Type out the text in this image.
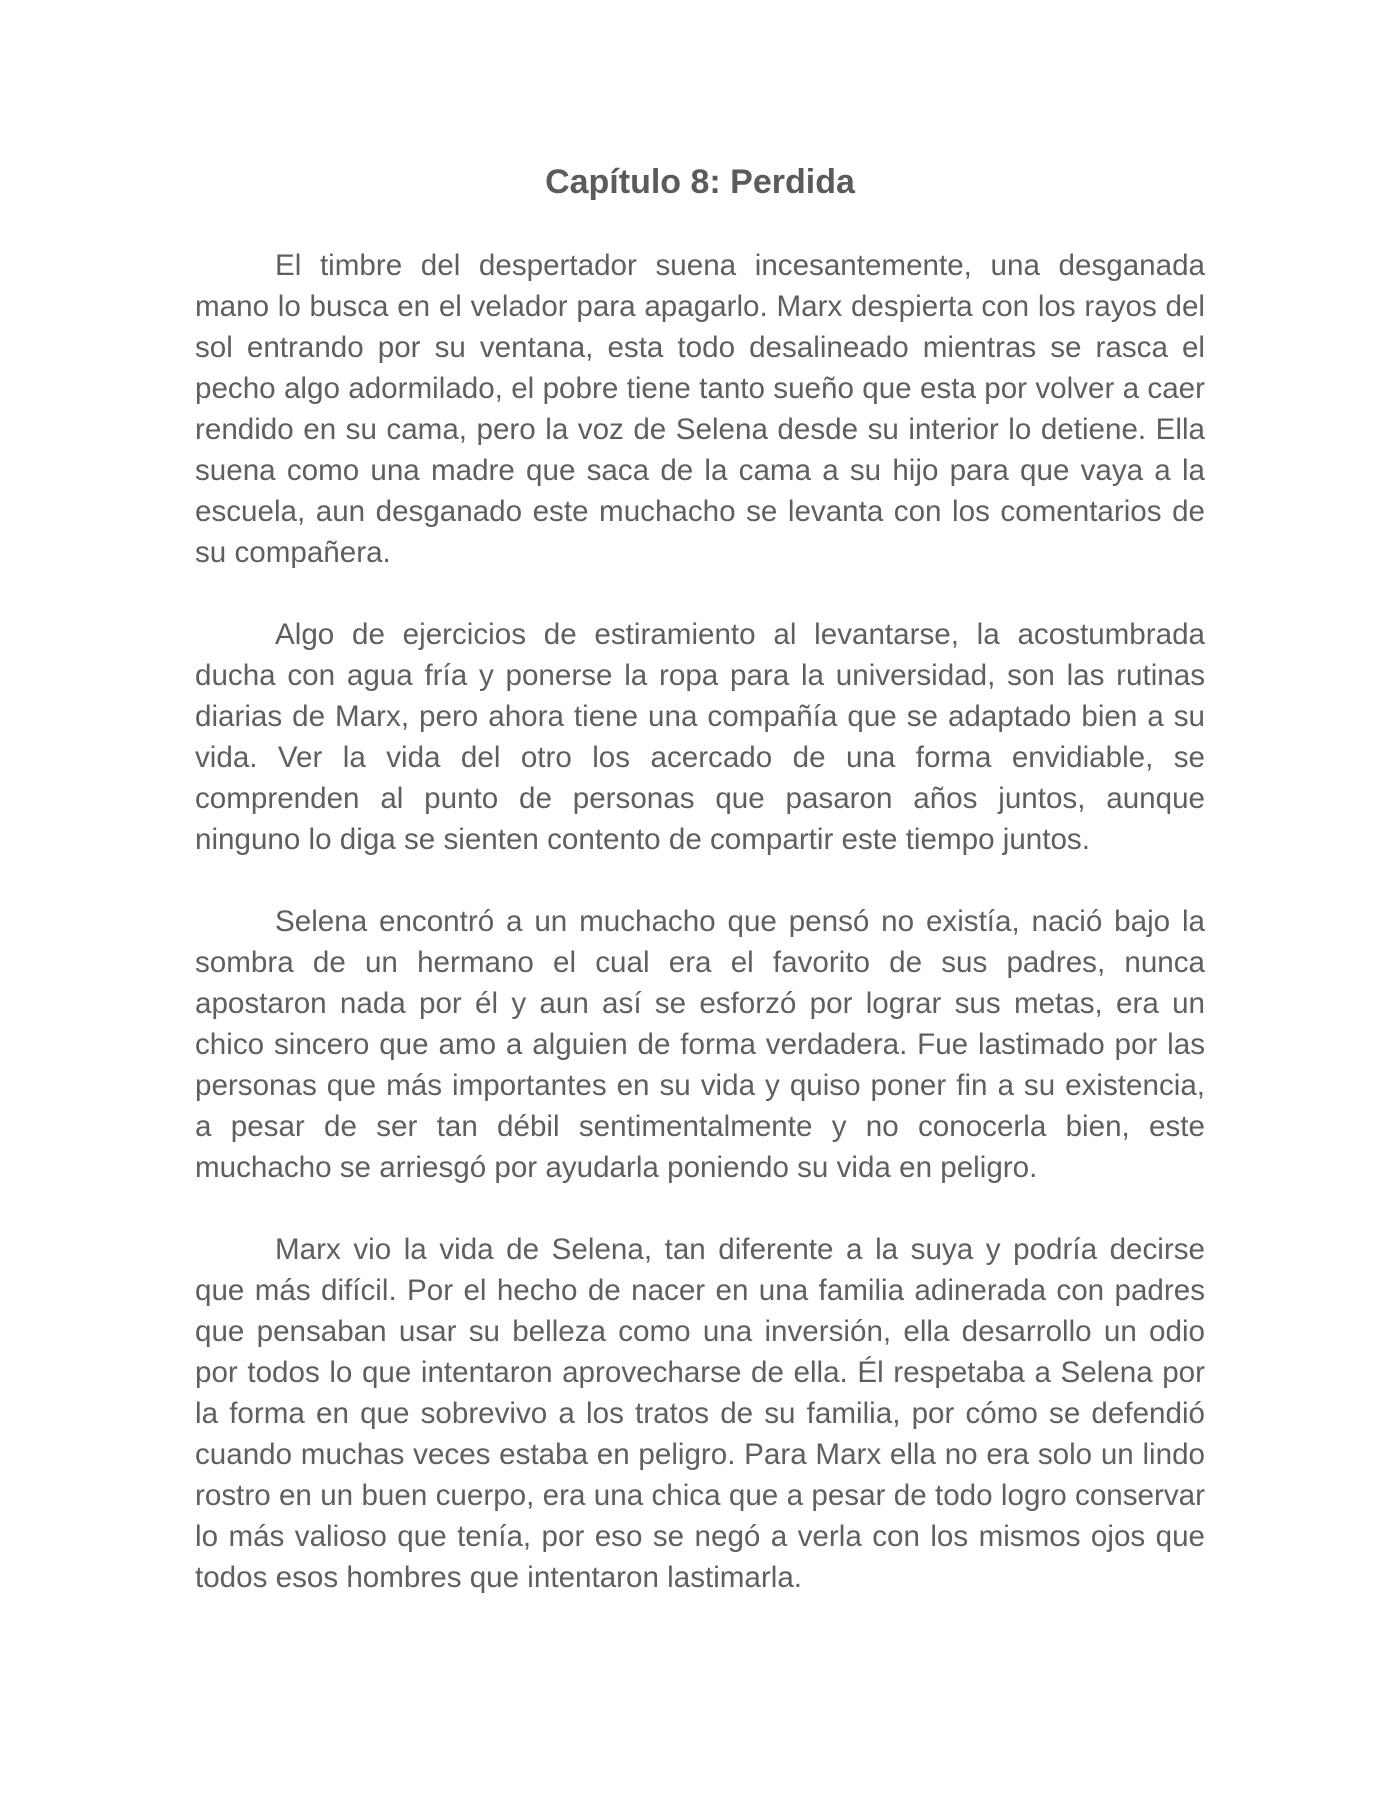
Capítulo 8: Perdida

El timbre del despertador suena incesantemente, una desganada mano lo busca en el velador para apagarlo. Marx despierta con los rayos del sol entrando por su ventana, esta todo desalineado mientras se rasca el pecho algo adormilado, el pobre tiene tanto sueño que esta por volver a caer rendido en su cama, pero la voz de Selena desde su interior lo detiene. Ella suena como una madre que saca de la cama a su hijo para que vaya a la escuela, aun desganado este muchacho se levanta con los comentarios de su compañera.

Algo de ejercicios de estiramiento al levantarse, la acostumbrada ducha con agua fría y ponerse la ropa para la universidad, son las rutinas diarias de Marx, pero ahora tiene una compañía que se adaptado bien a su vida. Ver la vida del otro los acercado de una forma envidiable, se comprenden al punto de personas que pasaron años juntos, aunque ninguno lo diga se sienten contento de compartir este tiempo juntos.

Selena encontró a un muchacho que pensó no existía, nació bajo la sombra de un hermano el cual era el favorito de sus padres, nunca apostaron nada por él y aun así se esforzó por lograr sus metas, era un chico sincero que amo a alguien de forma verdadera. Fue lastimado por las personas que más importantes en su vida y quiso poner fin a su existencia, a pesar de ser tan débil sentimentalmente y no conocerla bien, este muchacho se arriesgó por ayudarla poniendo su vida en peligro.

Marx vio la vida de Selena, tan diferente a la suya y podría decirse que más difícil. Por el hecho de nacer en una familia adinerada con padres que pensaban usar su belleza como una inversión, ella desarrollo un odio por todos lo que intentaron aprovecharse de ella. Él respetaba a Selena por la forma en que sobrevivo a los tratos de su familia, por cómo se defendió cuando muchas veces estaba en peligro. Para Marx ella no era solo un lindo rostro en un buen cuerpo, era una chica que a pesar de todo logro conservar lo más valioso que tenía, por eso se negó a verla con los mismos ojos que todos esos hombres que intentaron lastimarla.
